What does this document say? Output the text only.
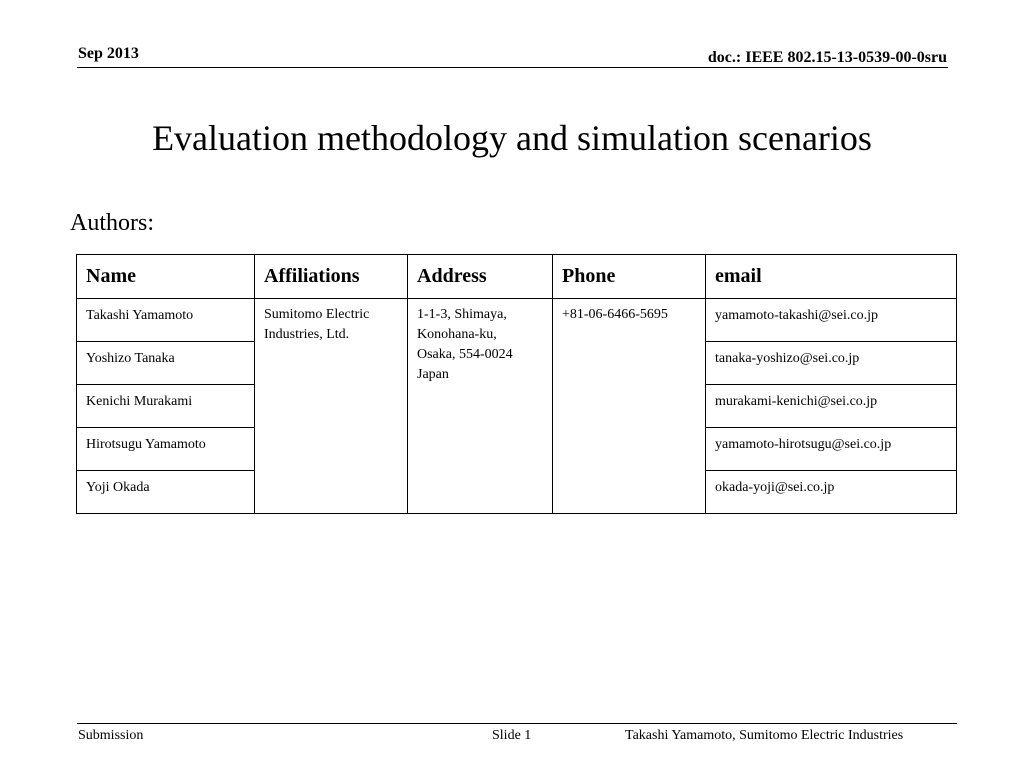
Sep 2013	doc.: IEEE 802.15-13-0539-00-0sru
Evaluation methodology and simulation scenarios
Authors:
Name	Affiliations	Address	Phone	email
Takashi Yamamoto	Sumitomo Electric Industries, Ltd.	1-1-3, Shimaya,
Konohana-ku,
Osaka, 554-0024
Japan	+81-06-6466-5695	yamamoto-takashi@sei.co.jp
Yoshizo Tanaka				tanaka-yoshizo@sei.co.jp
Kenichi Murakami				murakami-kenichi@sei.co.jp
Hirotsugu Yamamoto				yamamoto-hirotsugu@sei.co.jp
Yoji Okada				okada-yoji@sei.co.jp
Submission	Slide 1	Takashi Yamamoto, Sumitomo Electric Industries
